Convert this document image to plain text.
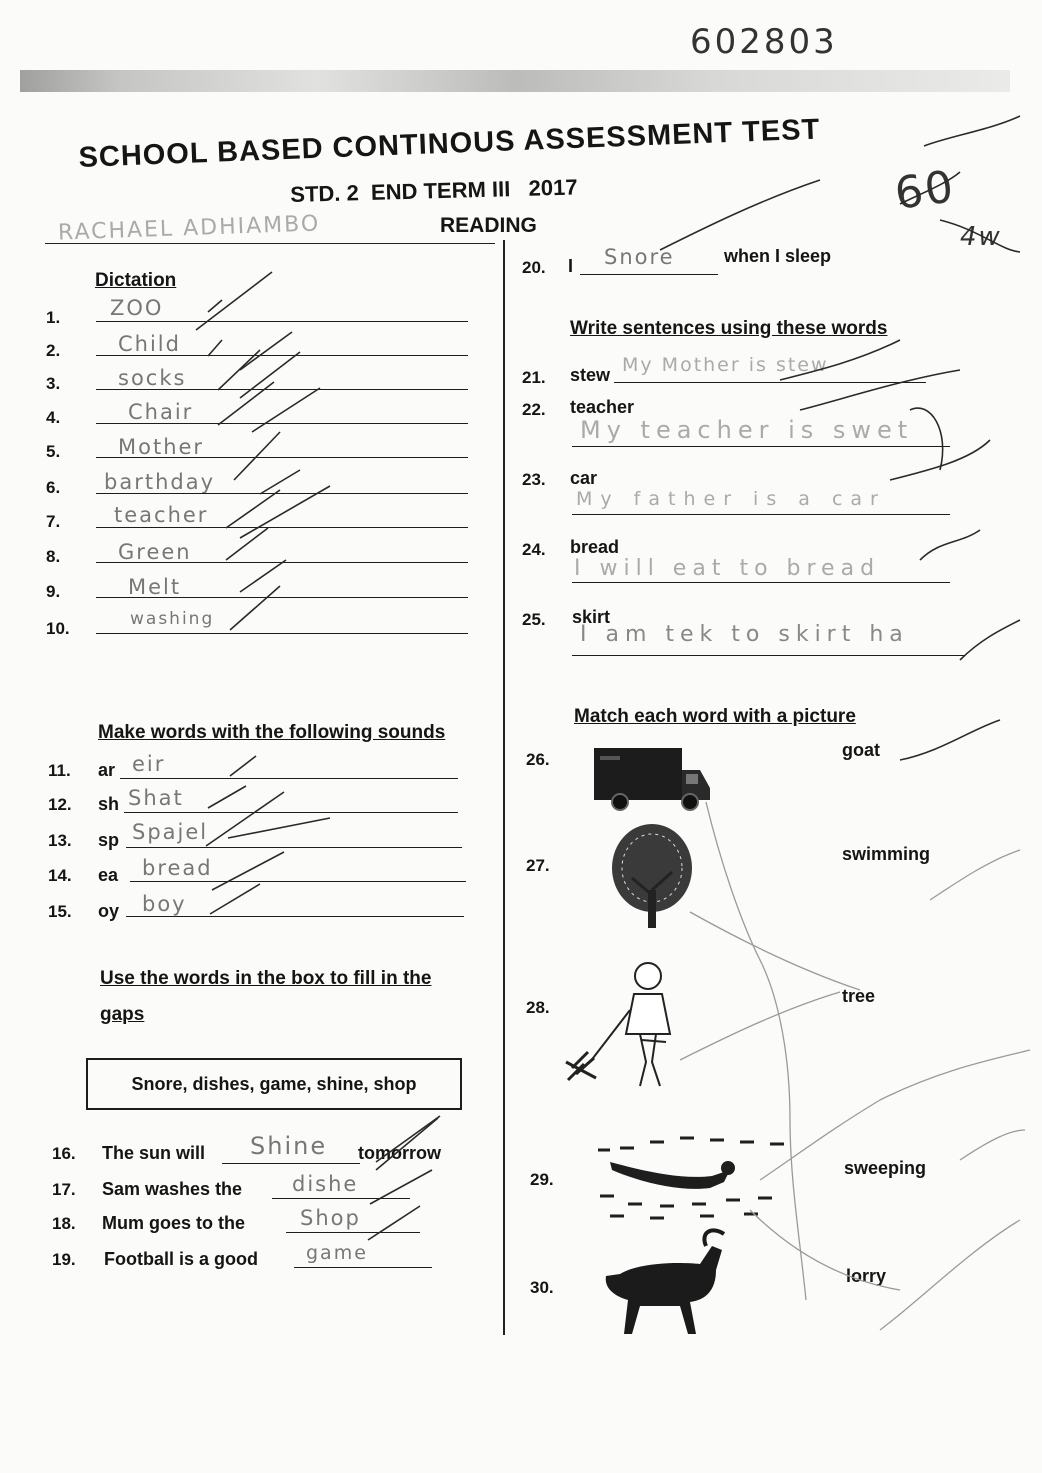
602803
SCHOOL BASED CONTINOUS ASSESSMENT TEST
STD. 2  END TERM III   2017
READING
RACHAEL ADHIAMBO
60
4w
Dictation
1. ZOO
2.	Child
3.	socks
4.	Chair
5.	Mother
6. barthday
7.	teacher
8.	Green
9.	Melt
10.	washing
Make words with the following sounds
11. ar eir
12. sh Shat
13. sp Spajel
14. ea bread
15. oy boy
Use the words in the box to fill in the
gaps
Snore, dishes, game, shine, shop
16. The sun will Shine tomorrow
17. Sam washes the dishe
18. Mum goes to the	Shop
19. Football is a good	game
20. I Snore	when I sleep
Write sentences using these words
21. stew My Mother is stew
22. teacher
My teacher is swet
23. car
My father is a car
24. bread
I will eat to bread
25. skirt
I am tek to skirt ha
Match each word with a picture
26.
27.
28.
29.
30.
goat
swimming
tree
sweeping
lorry
